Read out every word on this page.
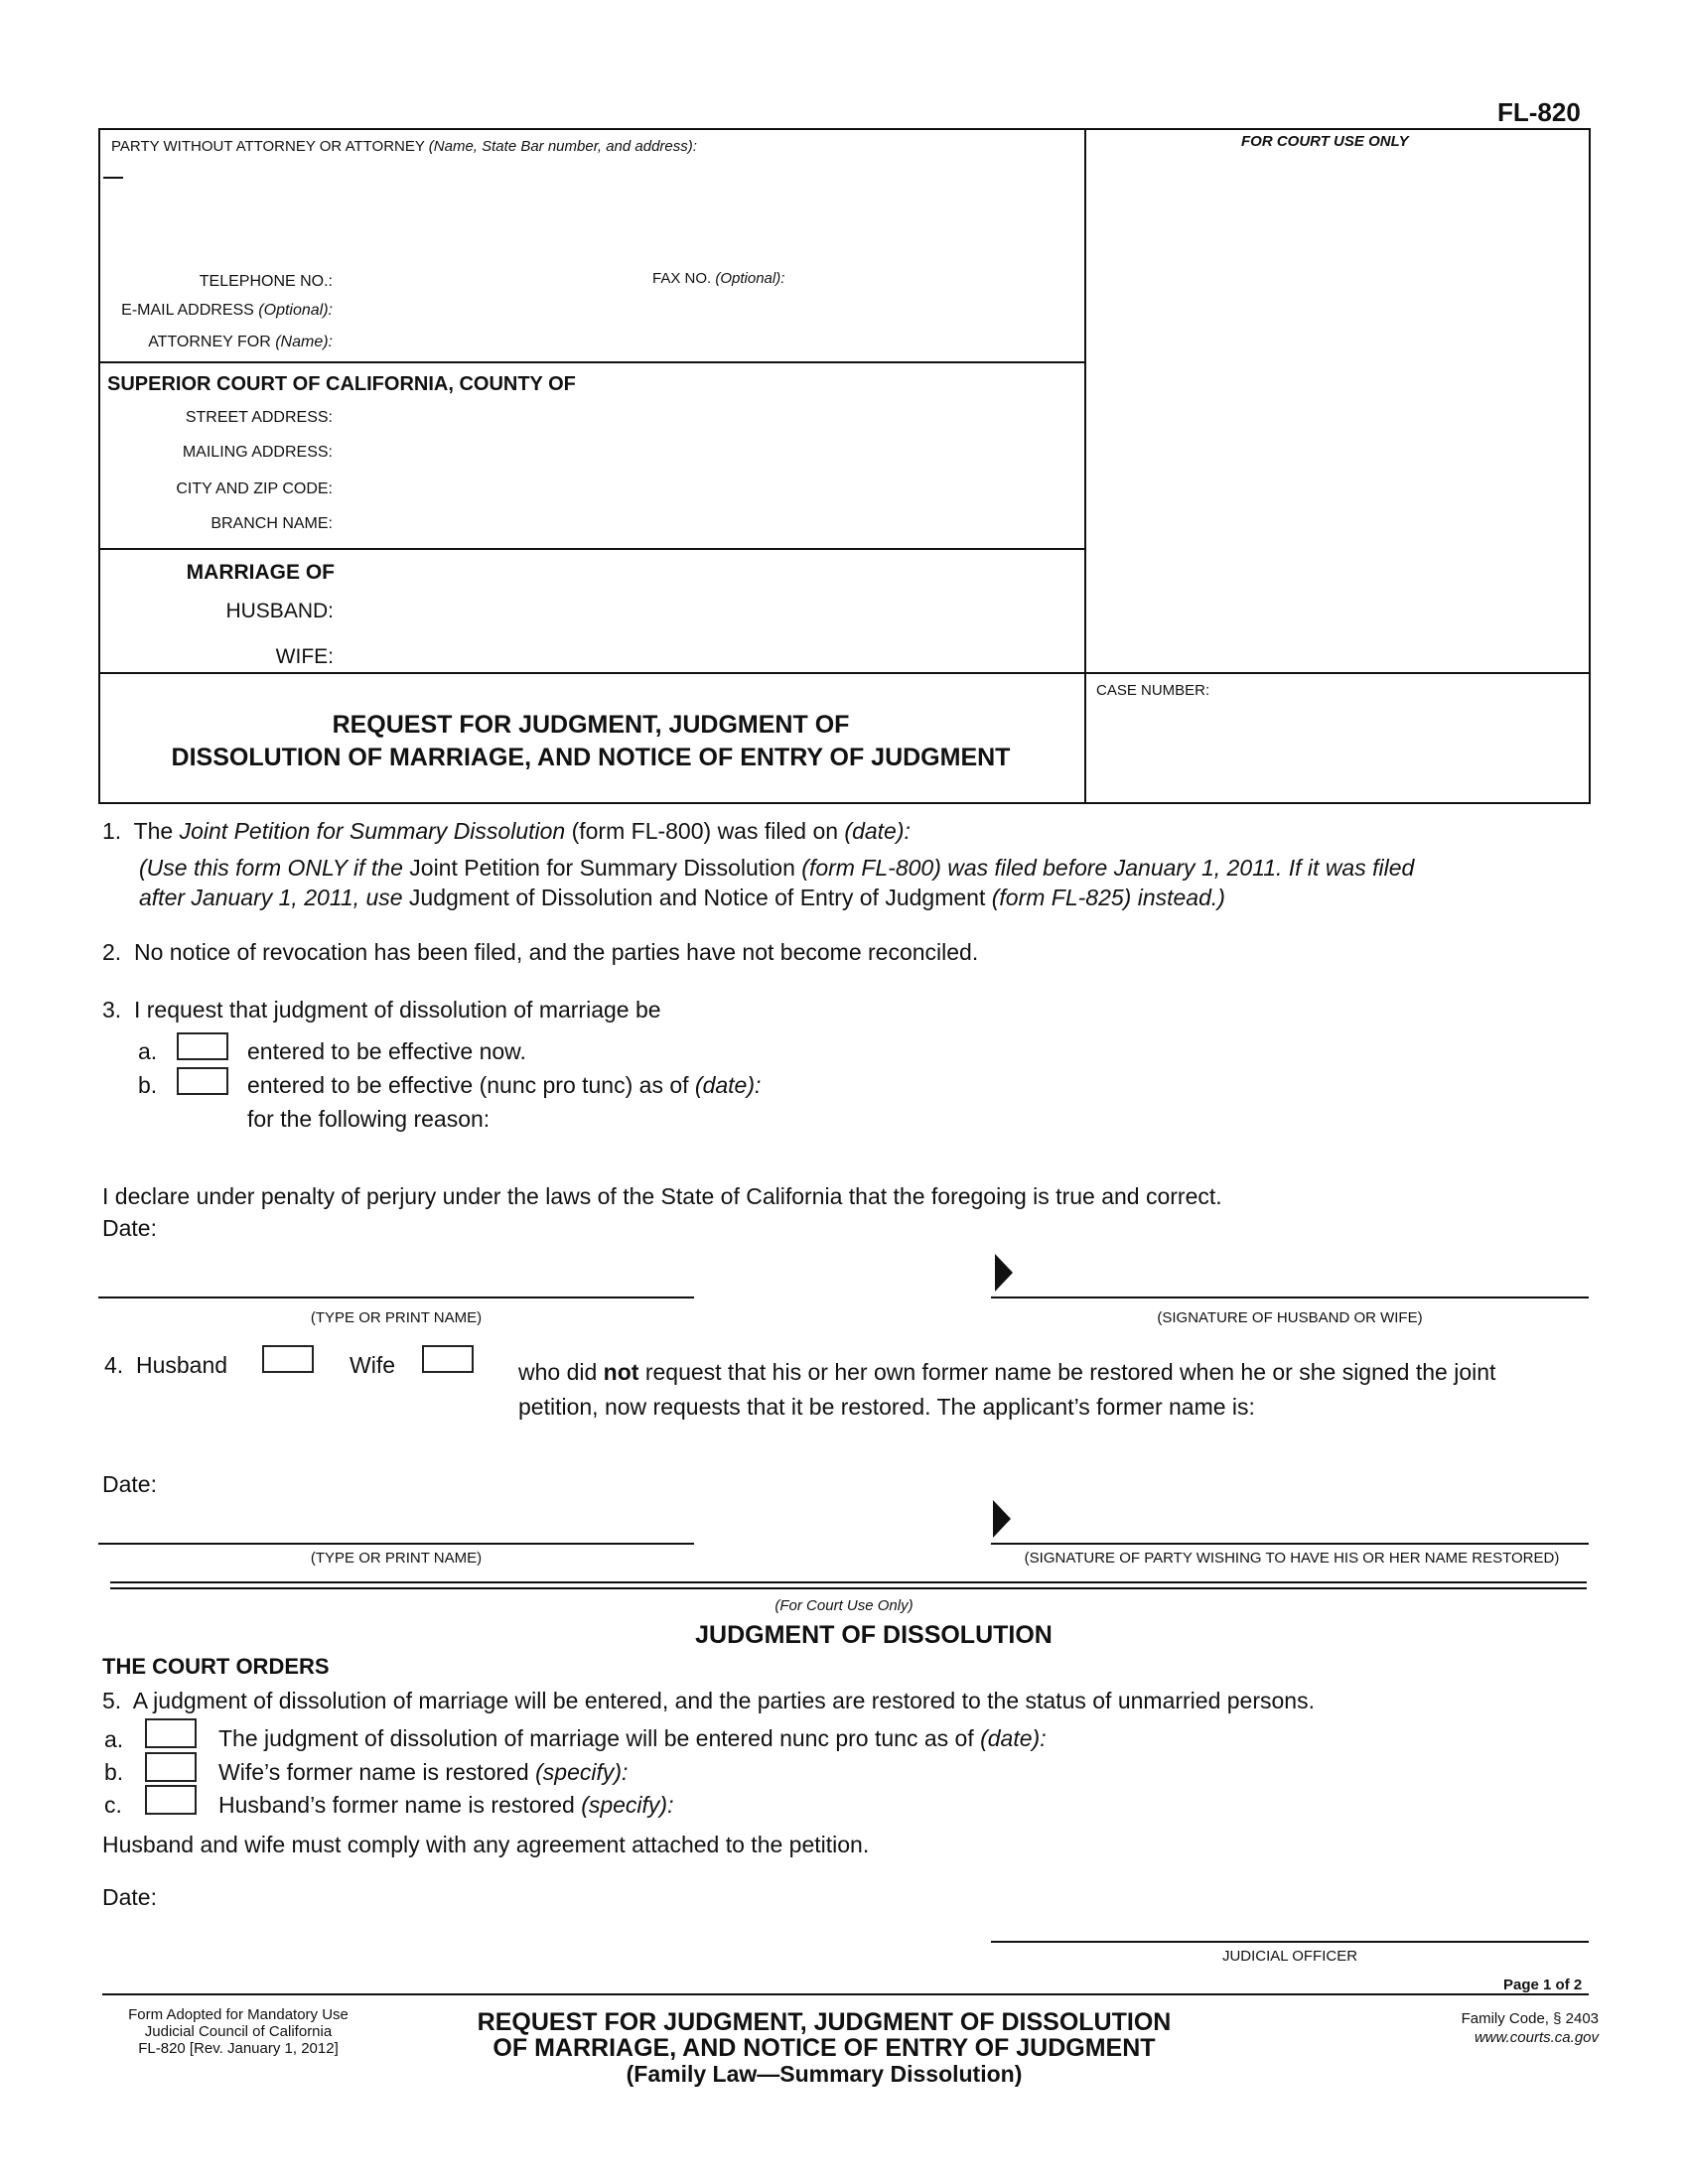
FL-820
PARTY WITHOUT ATTORNEY OR ATTORNEY (Name, State Bar number, and address):	FOR COURT USE ONLY
TELEPHONE NO.:	FAX NO. (Optional):
E-MAIL ADDRESS (Optional):
ATTORNEY FOR (Name):
SUPERIOR COURT OF CALIFORNIA, COUNTY OF
STREET ADDRESS:
MAILING ADDRESS:
CITY AND ZIP CODE:
BRANCH NAME:
MARRIAGE OF
HUSBAND:
WIFE:
CASE NUMBER:
REQUEST FOR JUDGMENT, JUDGMENT OF
DISSOLUTION OF MARRIAGE, AND NOTICE OF ENTRY OF JUDGMENT
1. The Joint Petition for Summary Dissolution (form FL-800) was filed on (date):
(Use this form ONLY if the Joint Petition for Summary Dissolution (form FL-800) was filed before January 1, 2011. If it was filed
after January 1, 2011, use Judgment of Dissolution and Notice of Entry of Judgment (form FL-825) instead.)
2. No notice of revocation has been filed, and the parties have not become reconciled.
3. I request that judgment of dissolution of marriage be
a.	entered to be effective now.
b.	entered to be effective (nunc pro tunc) as of (date):
for the following reason:
I declare under penalty of perjury under the laws of the State of California that the foregoing is true and correct.
Date:
(TYPE OR PRINT NAME)	(SIGNATURE OF HUSBAND OR WIFE)
4. Husband	Wife	who did not request that his or her own former name be restored when he or she signed the joint
petition, now requests that it be restored. The applicant’s former name is:
Date:
(TYPE OR PRINT NAME)	(SIGNATURE OF PARTY WISHING TO HAVE HIS OR HER NAME RESTORED)
(For Court Use Only)
JUDGMENT OF DISSOLUTION
THE COURT ORDERS
5. A judgment of dissolution of marriage will be entered, and the parties are restored to the status of unmarried persons.
a.	The judgment of dissolution of marriage will be entered nunc pro tunc as of (date):
b.	Wife’s former name is restored (specify):
c.	Husband’s former name is restored (specify):
Husband and wife must comply with any agreement attached to the petition.
Date:
JUDICIAL OFFICER
Page 1 of 2
Form Adopted for Mandatory Use
Judicial Council of California
FL-820 [Rev. January 1, 2012]
REQUEST FOR JUDGMENT, JUDGMENT OF DISSOLUTION
OF MARRIAGE, AND NOTICE OF ENTRY OF JUDGMENT
(Family Law—Summary Dissolution)
Family Code, § 2403
www.courts.ca.gov
